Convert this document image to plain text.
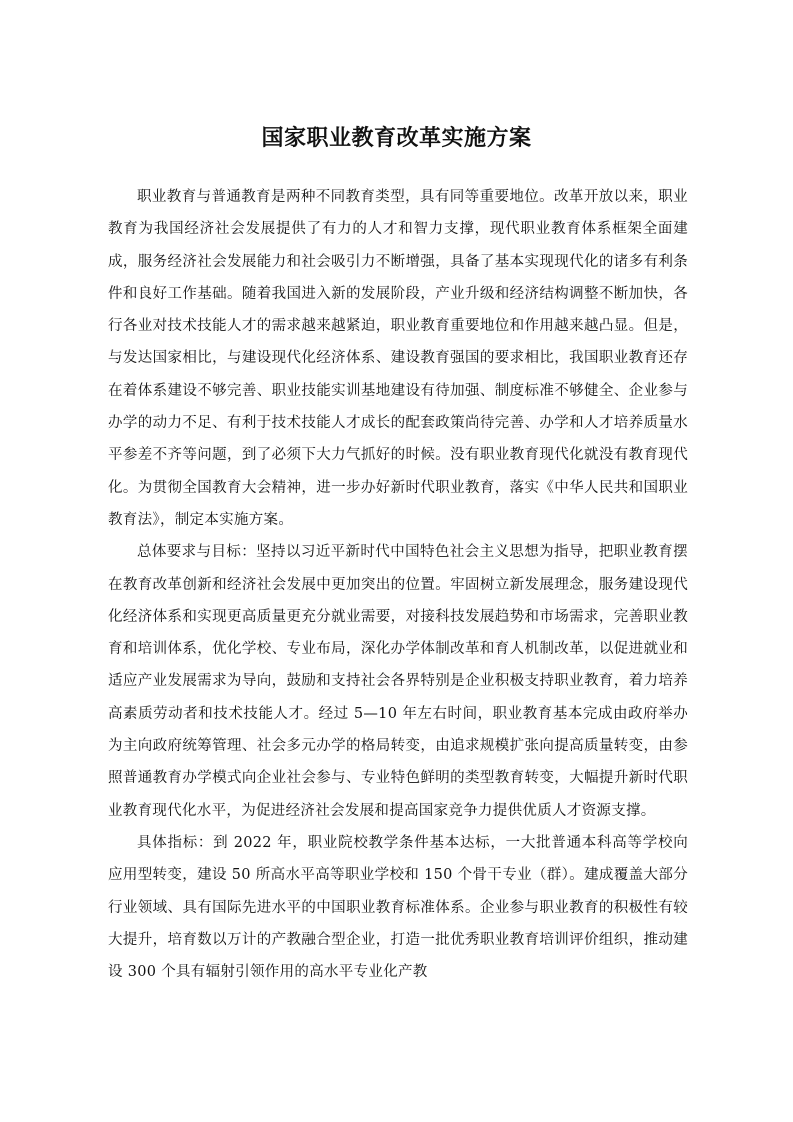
国家职业教育改革实施方案

职业教育与普通教育是两种不同教育类型，具有同等重要地位。改革开放以来，职业教育为我国经济社会发展提供了有力的人才和智力支撑，现代职业教育体系框架全面建成，服务经济社会发展能力和社会吸引力不断增强，具备了基本实现现代化的诸多有利条件和良好工作基础。随着我国进入新的发展阶段，产业升级和经济结构调整不断加快，各行各业对技术技能人才的需求越来越紧迫，职业教育重要地位和作用越来越凸显。但是，与发达国家相比，与建设现代化经济体系、建设教育强国的要求相比，我国职业教育还存在着体系建设不够完善、职业技能实训基地建设有待加强、制度标准不够健全、企业参与办学的动力不足、有利于技术技能人才成长的配套政策尚待完善、办学和人才培养质量水平参差不齐等问题，到了必须下大力气抓好的时候。没有职业教育现代化就没有教育现代化。为贯彻全国教育大会精神，进一步办好新时代职业教育，落实《中华人民共和国职业教育法》，制定本实施方案。

总体要求与目标：坚持以习近平新时代中国特色社会主义思想为指导，把职业教育摆在教育改革创新和经济社会发展中更加突出的位置。牢固树立新发展理念，服务建设现代化经济体系和实现更高质量更充分就业需要，对接科技发展趋势和市场需求，完善职业教育和培训体系，优化学校、专业布局，深化办学体制改革和育人机制改革，以促进就业和适应产业发展需求为导向，鼓励和支持社会各界特别是企业积极支持职业教育，着力培养高素质劳动者和技术技能人才。经过 5—10 年左右时间，职业教育基本完成由政府举办为主向政府统筹管理、社会多元办学的格局转变，由追求规模扩张向提高质量转变，由参照普通教育办学模式向企业社会参与、专业特色鲜明的类型教育转变，大幅提升新时代职业教育现代化水平，为促进经济社会发展和提高国家竞争力提供优质人才资源支撑。

具体指标：到 2022 年，职业院校教学条件基本达标，一大批普通本科高等学校向应用型转变，建设 50 所高水平高等职业学校和 150 个骨干专业（群）。建成覆盖大部分行业领域、具有国际先进水平的中国职业教育标准体系。企业参与职业教育的积极性有较大提升，培育数以万计的产教融合型企业，打造一批优秀职业教育培训评价组织，推动建设 300 个具有辐射引领作用的高水平专业化产教
